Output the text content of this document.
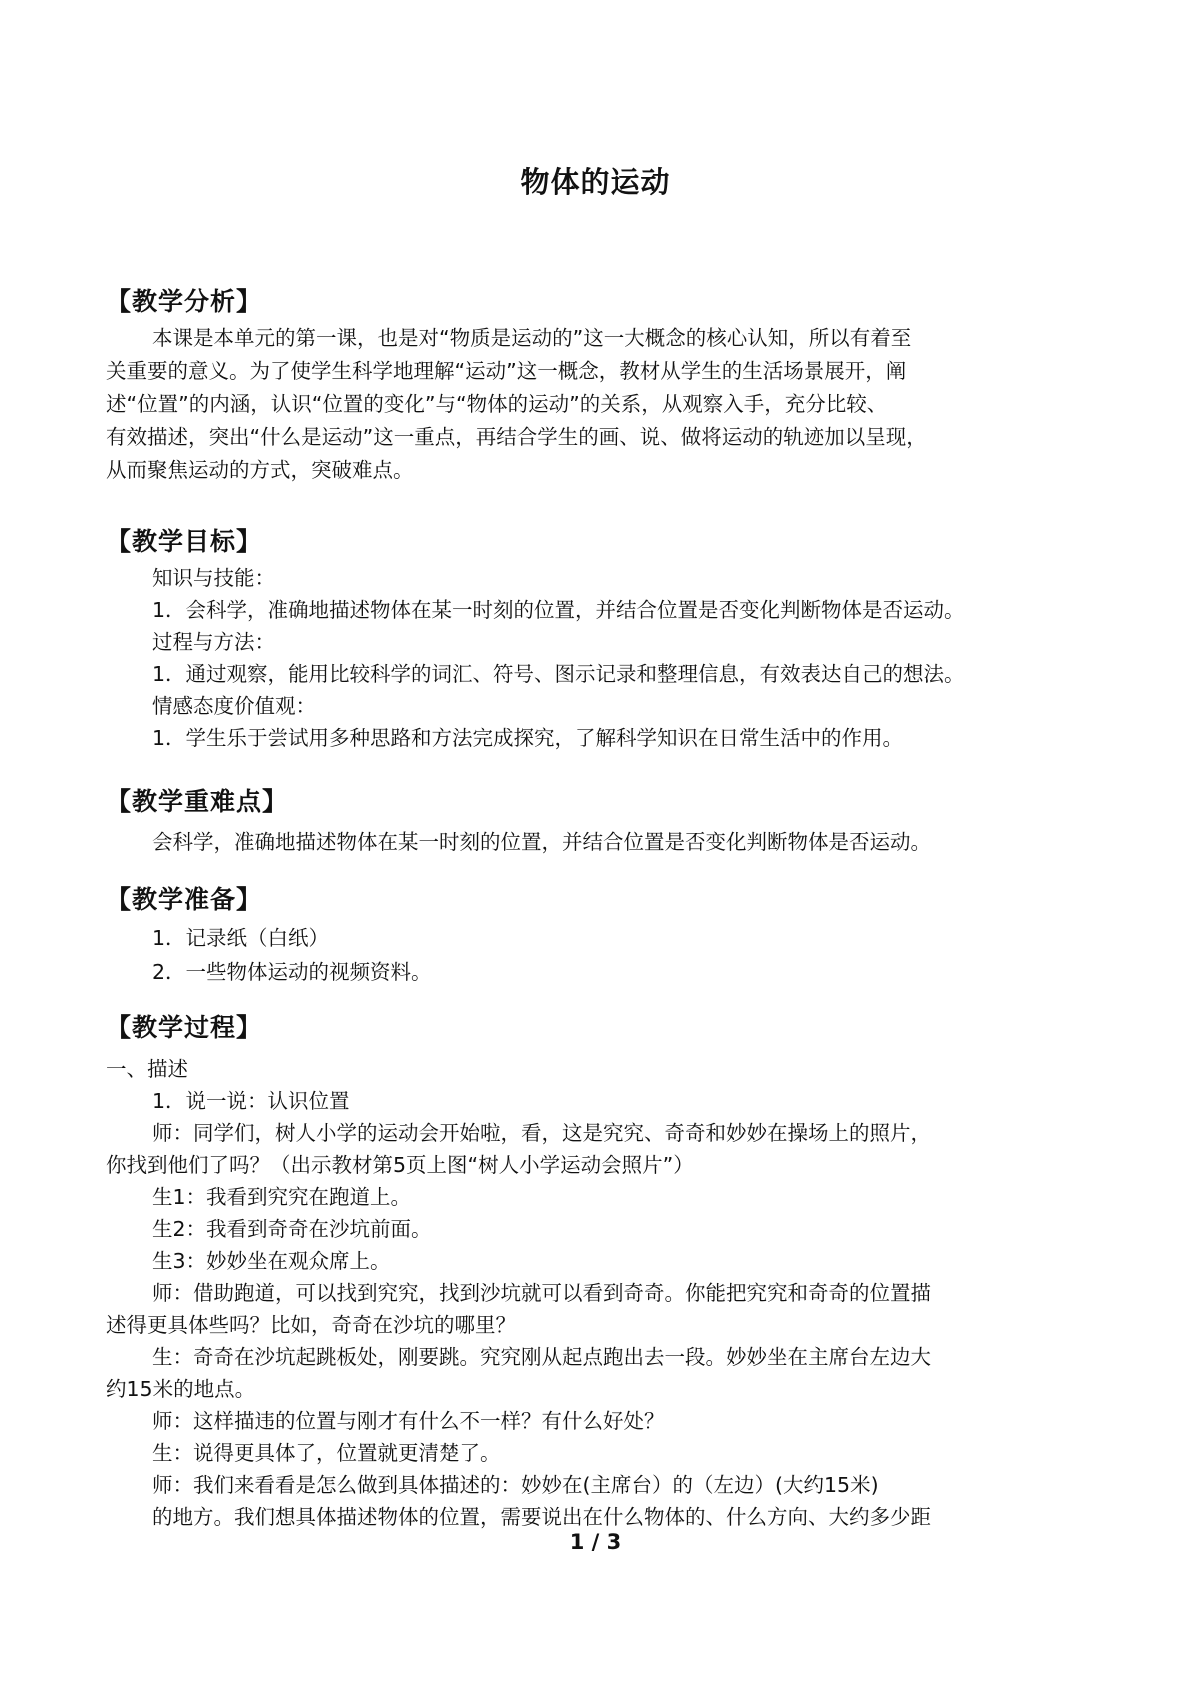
物体的运动
【教学分析】
本课是本单元的第一课，也是对“物质是运动的”这一大概念的核心认知，所以有着至
关重要的意义。为了使学生科学地理解“运动”这一概念，教材从学生的生活场景展开，阐
述“位置”的内涵，认识“位置的变化”与“物体的运动”的关系，从观察入手，充分比较、
有效描述，突出“什么是运动”这一重点，再结合学生的画、说、做将运动的轨迹加以呈现，
从而聚焦运动的方式，突破难点。
【教学目标】
知识与技能：
1．会科学，准确地描述物体在某一时刻的位置，并结合位置是否变化判断物体是否运动。
过程与方法：
1．通过观察，能用比较科学的词汇、符号、图示记录和整理信息，有效表达自己的想法。
情感态度价值观：
1．学生乐于尝试用多种思路和方法完成探究，了解科学知识在日常生活中的作用。
【教学重难点】
会科学，准确地描述物体在某一时刻的位置，并结合位置是否变化判断物体是否运动。
【教学准备】
1．记录纸（白纸）
2．一些物体运动的视频资料。
【教学过程】
一、描述
1．说一说：认识位置
师：同学们，树人小学的运动会开始啦，看，这是究究、奇奇和妙妙在操场上的照片，
你找到他们了吗？（出示教材第5页上图“树人小学运动会照片”）
生1：我看到究究在跑道上。
生2：我看到奇奇在沙坑前面。
生3：妙妙坐在观众席上。
师：借助跑道，可以找到究究，找到沙坑就可以看到奇奇。你能把究究和奇奇的位置描
述得更具体些吗？比如，奇奇在沙坑的哪里？
生：奇奇在沙坑起跳板处，刚要跳。究究刚从起点跑出去一段。妙妙坐在主席台左边大
约15米的地点。
师：这样描违的位置与刚才有什么不一样？有什么好处？
生：说得更具体了，位置就更清楚了。
师：我们来看看是怎么做到具体描述的：妙妙在(主席台）的（左边）(大约15米)
的地方。我们想具体描述物体的位置，需要说出在什么物体的、什么方向、大约多少距
1 / 3
